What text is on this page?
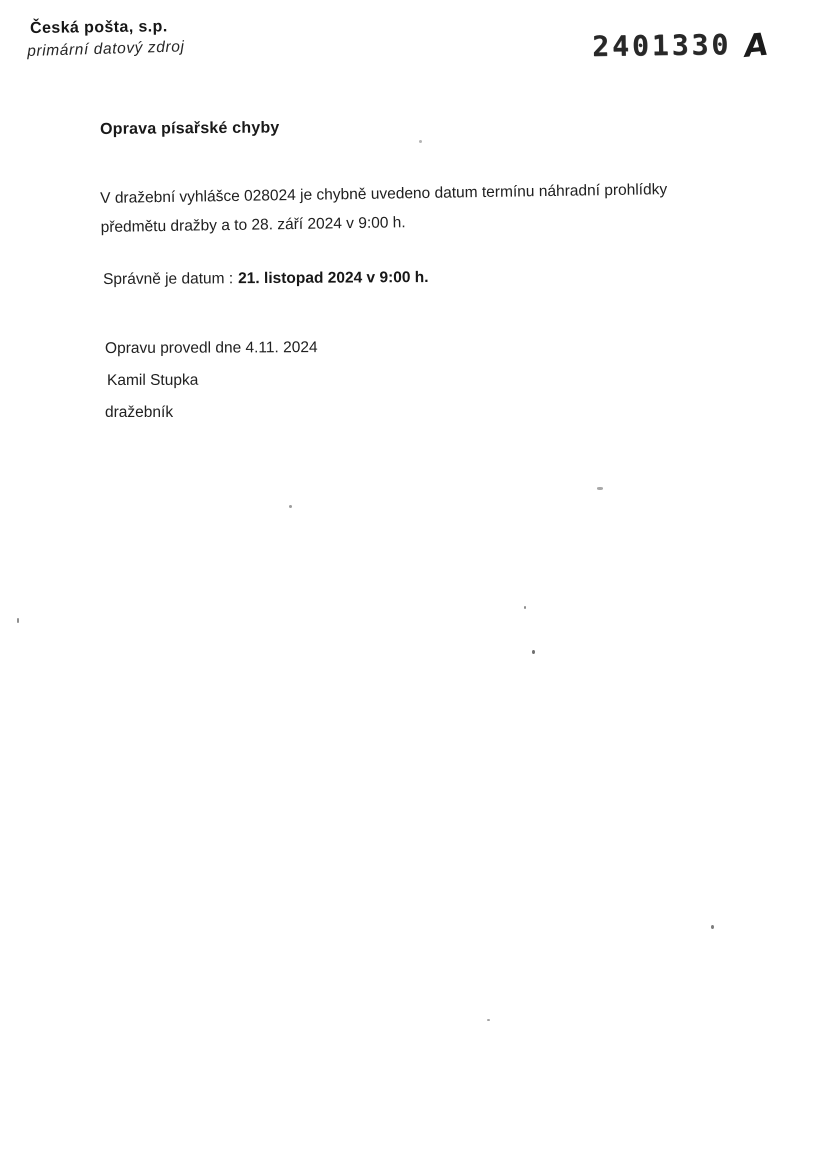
Česká pošta, s.p.
primární datový zdroj	2401330 A
Oprava písařské chyby
V dražební vyhlášce 028024 je chybně uvedeno datum termínu náhradní prohlídky
předmětu dražby a to 28. září 2024 v 9:00 h.
Správně je datum : 21. listopad 2024 v 9:00 h.
Opravu provedl dne 4.11. 2024
Kamil Stupka
dražebník
